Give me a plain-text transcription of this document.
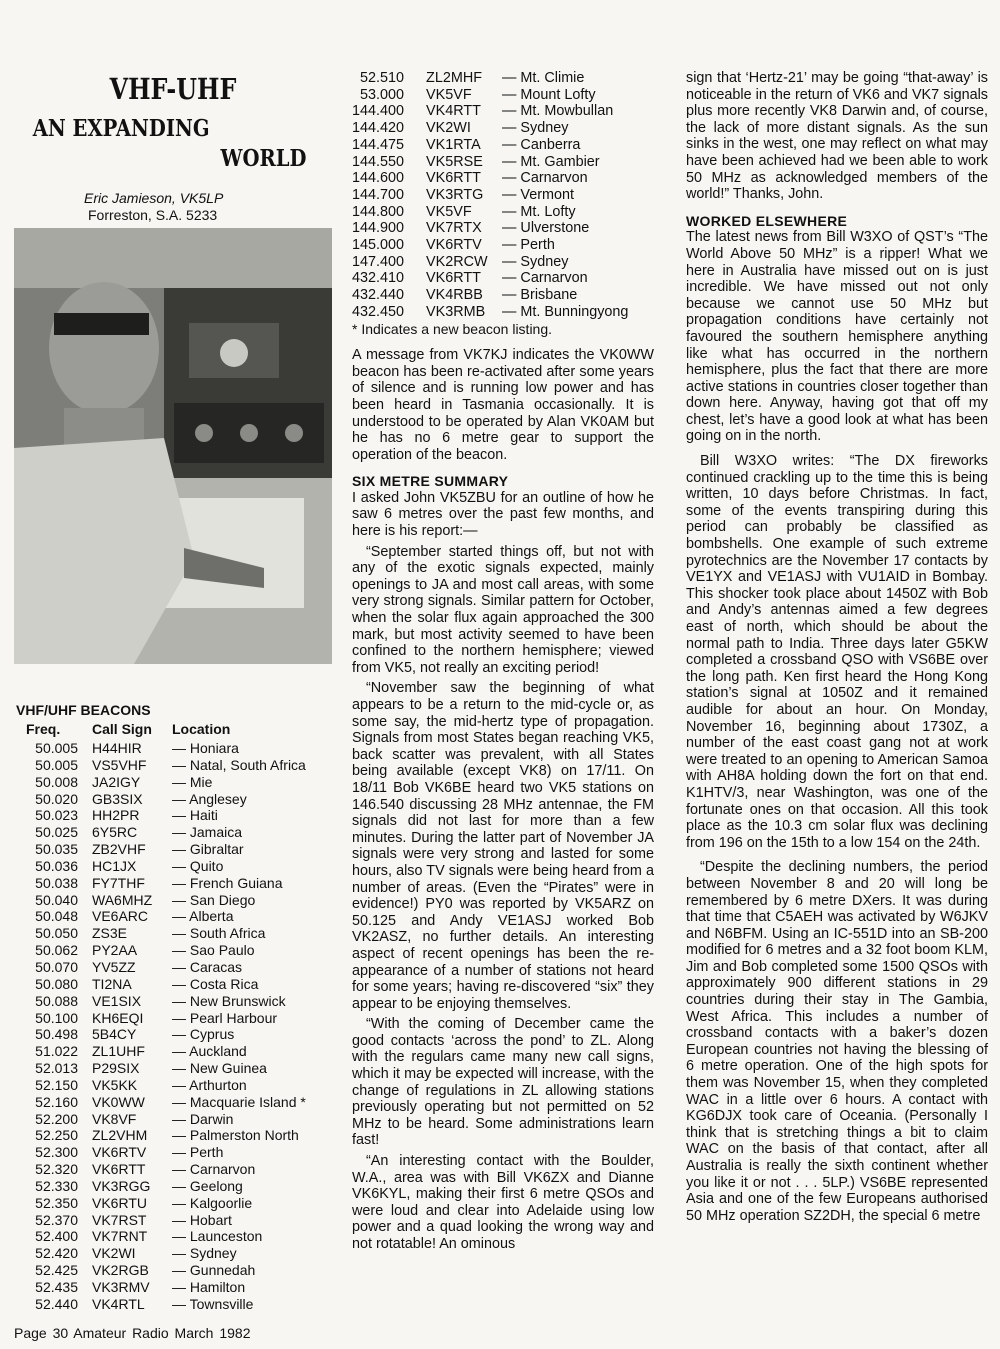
VHF-UHF
AN EXPANDING
WORLD
Eric Jamieson, VK5LP
Forreston, S.A. 5233
VHF/UHF BEACONS
Freq.	Call Sign	Location
50.005	H44HIR	— Honiara
50.005	VS5VHF	— Natal, South Africa
50.008	JA2IGY	— Mie
50.020	GB3SIX	— Anglesey
50.023	HH2PR	— Haiti
50.025	6Y5RC	— Jamaica
50.035	ZB2VHF	— Gibraltar
50.036	HC1JX	— Quito
50.038	FY7THF	— French Guiana
50.040	WA6MHZ	— San Diego
50.048	VE6ARC	— Alberta
50.050	ZS3E	— South Africa
50.062	PY2AA	— Sao Paulo
50.070	YV5ZZ	— Caracas
50.080	TI2NA	— Costa Rica
50.088	VE1SIX	— New Brunswick
50.100	KH6EQI	— Pearl Harbour
50.498	5B4CY	— Cyprus
51.022	ZL1UHF	— Auckland
52.013	P29SIX	— New Guinea
52.150	VK5KK	— Arthurton
52.160	VK0WW	— Macquarie Island *
52.200	VK8VF	— Darwin
52.250	ZL2VHM	— Palmerston North
52.300	VK6RTV	— Perth
52.320	VK6RTT	— Carnarvon
52.330	VK3RGG	— Geelong
52.350	VK6RTU	— Kalgoorlie
52.370	VK7RST	— Hobart
52.400	VK7RNT	— Launceston
52.420	VK2WI	— Sydney
52.425	VK2RGB	— Gunnedah
52.435	VK3RMV	— Hamilton
52.440	VK4RTL	— Townsville
52.510	ZL2MHF	— Mt. Climie
53.000	VK5VF	— Mount Lofty
144.400	VK4RTT	— Mt. Mowbullan
144.420	VK2WI	— Sydney
144.475	VK1RTA	— Canberra
144.550	VK5RSE	— Mt. Gambier
144.600	VK6RTT	— Carnarvon
144.700	VK3RTG	— Vermont
144.800	VK5VF	— Mt. Lofty
144.900	VK7RTX	— Ulverstone
145.000	VK6RTV	— Perth
147.400	VK2RCW	— Sydney
432.410	VK6RTT	— Carnarvon
432.440	VK4RBB	— Brisbane
432.450	VK3RMB	— Mt. Bunningyong
* Indicates a new beacon listing.

A message from VK7KJ indicates the VK0WW beacon has been re-activated after some years of silence and is running low power and has been heard in Tasmania occasionally. It is understood to be operated by Alan VK0AM but he has no 6 metre gear to support the operation of the beacon.

SIX METRE SUMMARY

I asked John VK5ZBU for an outline of how he saw 6 metres over the past few months, and here is his report:—

“September started things off, but not with any of the exotic signals expected, mainly openings to JA and most call areas, with some very strong signals. Similar pattern for October, when the solar flux again approached the 300 mark, but most activity seemed to have been confined to the northern hemisphere; viewed from VK5, not really an exciting period!

“November saw the beginning of what appears to be a return to the mid-cycle or, as some say, the mid-hertz type of propagation. Signals from most States began reaching VK5, back scatter was prevalent, with all States being available (except VK8) on 17/11. On 18/11 Bob VK6BE heard two VK5 stations on 146.540 discussing 28 MHz antennae, the FM signals did not last for more than a few minutes. During the latter part of November JA signals were very strong and lasted for some hours, also TV signals were being heard from a number of areas. (Even the “Pirates” were in evidence!) PY0 was reported by VK5ARZ on 50.125 and Andy VE1ASJ worked Bob VK2ASZ, no further details. An interesting aspect of recent openings has been the re-appearance of a number of stations not heard for some years; having re-discovered “six” they appear to be enjoying themselves.

“With the coming of December came the good contacts ‘across the pond’ to ZL. Along with the regulars came many new call signs, which it may be expected will increase, with the change of regulations in ZL allowing stations previously operating but not permitted on 52 MHz to be heard. Some administrations learn fast!

“An interesting contact with the Boulder, W.A., area was with Bill VK6ZX and Dianne VK6KYL, making their first 6 metre QSOs and were loud and clear into Adelaide using low power and a quad looking the wrong way and not rotatable! An ominous

sign that ‘Hertz-21’ may be going “that-away’ is noticeable in the return of VK6 and VK7 signals plus more recently VK8 Darwin and, of course, the lack of more distant signals. As the sun sinks in the west, one may reflect on what may have been achieved had we been able to work 50 MHz as acknowledged members of the world!” Thanks, John.

WORKED ELSEWHERE

The latest news from Bill W3XO of QST’s “The World Above 50 MHz” is a ripper! What we here in Australia have missed out on is just incredible. We have missed out not only because we cannot use 50 MHz but propagation conditions have certainly not favoured the southern hemisphere anything like what has occurred in the northern hemisphere, plus the fact that there are more active stations in countries closer together than down here. Anyway, having got that off my chest, let’s have a good look at what has been going on in the north.

Bill W3XO writes: “The DX fireworks continued crackling up to the time this is being written, 10 days before Christmas. In fact, some of the events transpiring during this period can probably be classified as bombshells. One example of such extreme pyrotechnics are the November 17 contacts by VE1YX and VE1ASJ with VU1AID in Bombay. This shocker took place about 1450Z with Bob and Andy’s antennas aimed a few degrees east of north, which should be about the normal path to India. Three days later G5KW completed a crossband QSO with VS6BE over the long path. Ken first heard the Hong Kong station’s signal at 1050Z and it remained audible for about an hour. On Monday, November 16, beginning about 1730Z, a number of the east coast gang not at work were treated to an opening to American Samoa with AH8A holding down the fort on that end. K1HTV/3, near Washington, was one of the fortunate ones on that occasion. All this took place as the 10.3 cm solar flux was declining from 196 on the 15th to a low 154 on the 24th.

“Despite the declining numbers, the period between November 8 and 20 will long be remembered by 6 metre DXers. It was during that time that C5AEH was activated by W6JKV and N6BFM. Using an IC-551D into an SB-200 modified for 6 metres and a 32 foot boom KLM, Jim and Bob completed some 1500 QSOs with approximately 900 different stations in 29 countries during their stay in The Gambia, West Africa. This includes a number of crossband contacts with a baker’s dozen European countries not having the blessing of 6 metre operation. One of the high spots for them was November 15, when they completed WAC in a little over 6 hours. A contact with KG6DJX took care of Oceania. (Personally I think that is stretching things a bit to claim WAC on the basis of that contact, after all Australia is really the sixth continent whether you like it or not . . . 5LP.) VS6BE represented Asia and one of the few Europeans authorised 50 MHz operation SZ2DH, the special 6 metre

Page 30 Amateur Radio March 1982
